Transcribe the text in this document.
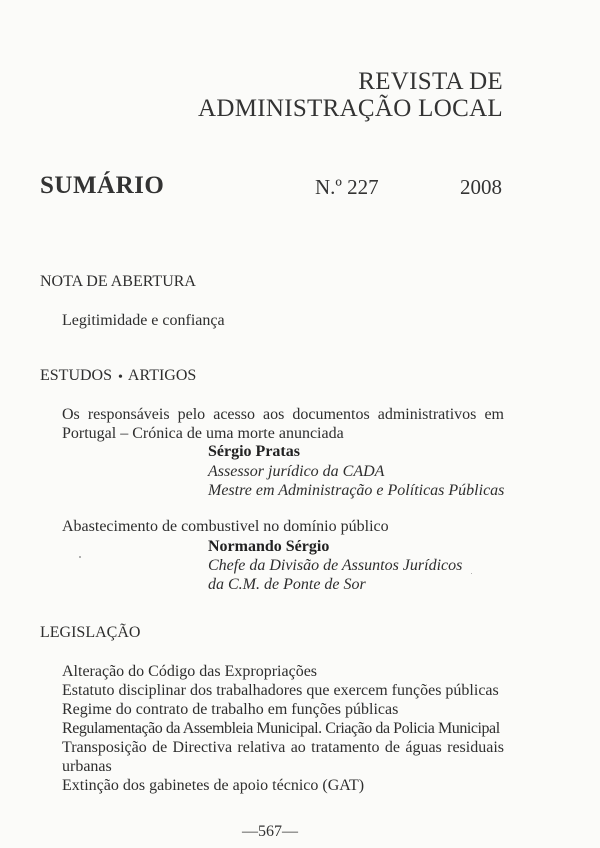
REVISTA DE
ADMINISTRAÇÃO LOCAL
SUMÁRIO	N.º 227	2008
NOTA DE ABERTURA
Legitimidade e confiança
ESTUDOS • ARTIGOS
Os responsáveis pelo acesso aos documentos administrativos em Portugal – Crónica de uma morte anunciada
Sérgio Pratas
Assessor jurídico da CADA
Mestre em Administração e Políticas Públicas
Abastecimento de combustivel no domínio público
Normando Sérgio
Chefe da Divisão de Assuntos Jurídicos
da C.M. de Ponte de Sor
LEGISLAÇÃO
Alteração do Código das Expropriações
Estatuto disciplinar dos trabalhadores que exercem funções públicas
Regime do contrato de trabalho em funções públicas
Regulamentação da Assembleia Municipal. Criação da Policia Municipal
Transposição de Directiva relativa ao tratamento de águas residuais urbanas
Extinção dos gabinetes de apoio técnico (GAT)
—567—
